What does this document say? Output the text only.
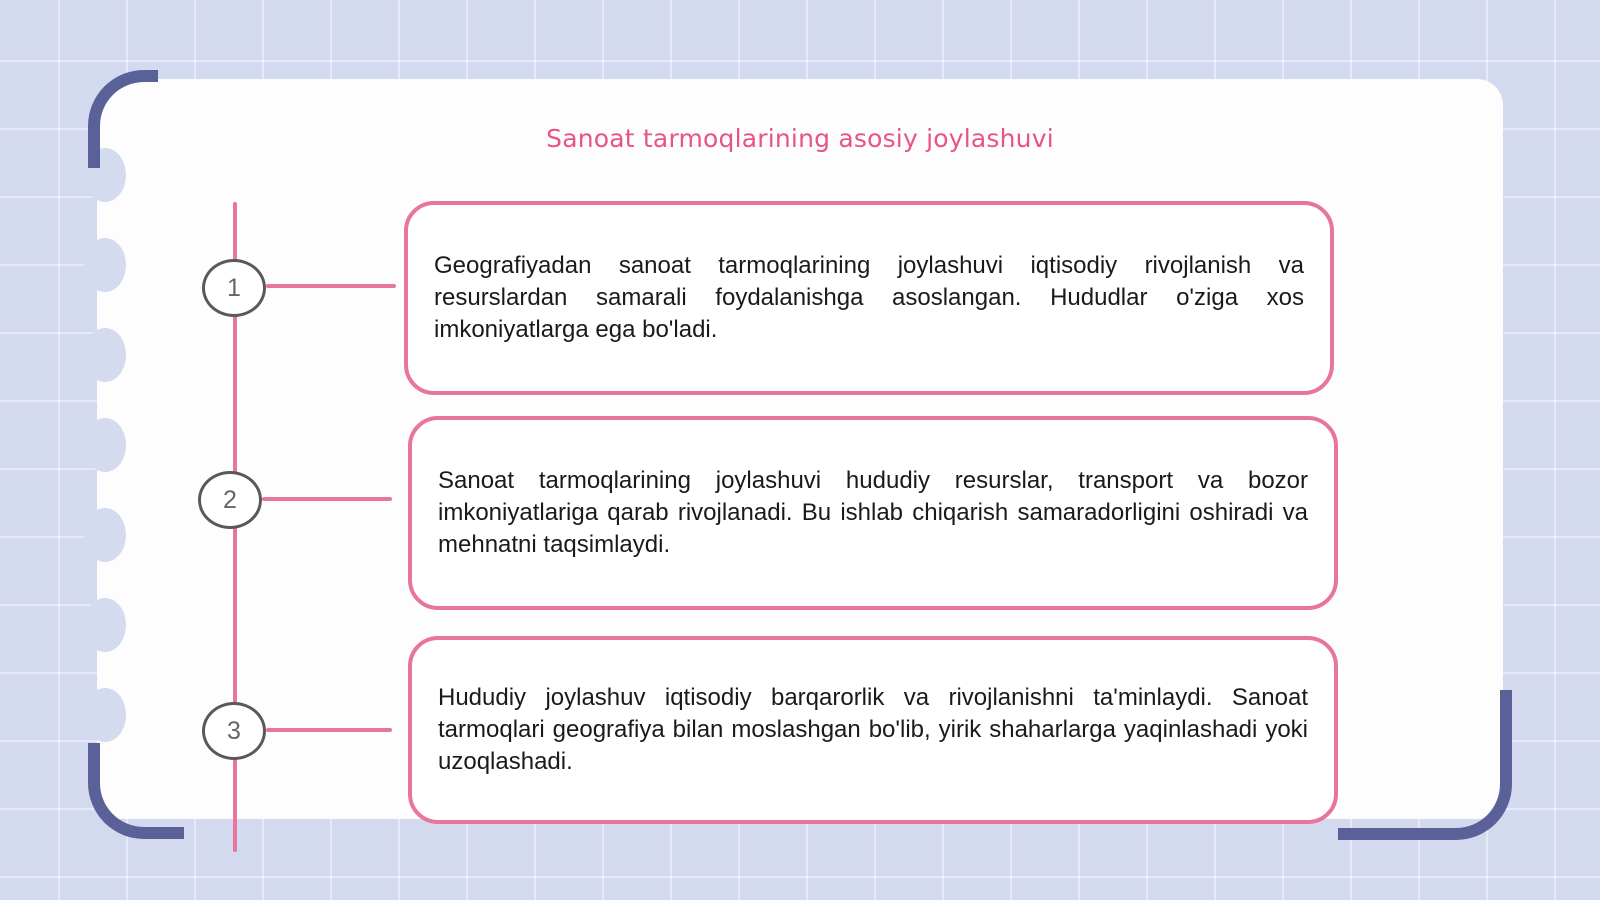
Sanoat tarmoqlarining asosiy joylashuvi
1
2
3

Geografiyadan sanoat tarmoqlarining joylashuvi iqtisodiy rivojlanish va resurslardan samarali foydalanishga asoslangan. Hududlar o'ziga xos imkoniyatlarga ega bo'ladi.

Sanoat tarmoqlarining joylashuvi hududiy resurslar, transport va bozor imkoniyatlariga qarab rivojlanadi. Bu ishlab chiqarish samaradorligini oshiradi va mehnatni taqsimlaydi.

Hududiy joylashuv iqtisodiy barqarorlik va rivojlanishni ta'minlaydi. Sanoat tarmoqlari geografiya bilan moslashgan bo'lib, yirik shaharlarga yaqinlashadi yoki uzoqlashadi.
